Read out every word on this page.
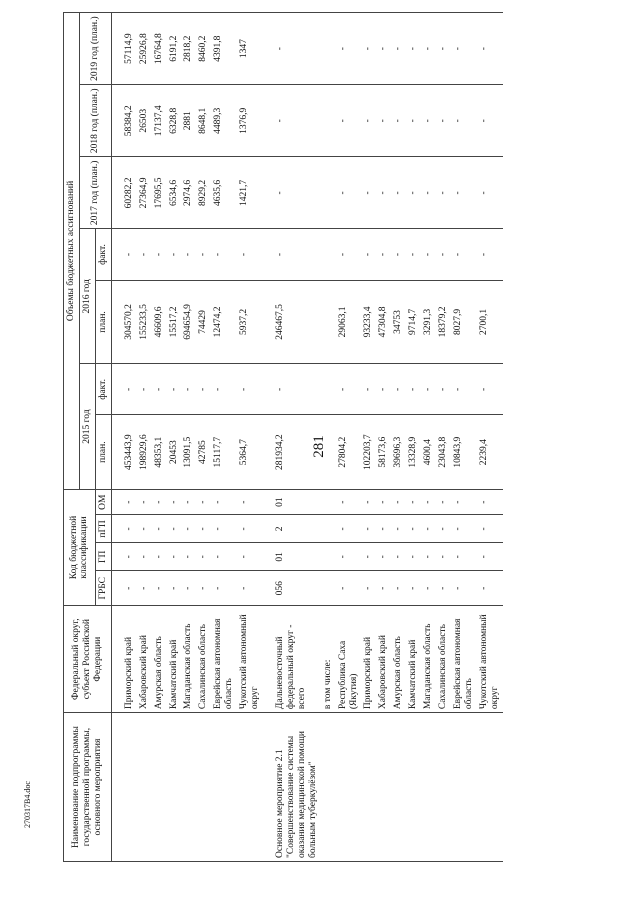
281
270317В4.doc	Наименование подпрограммы государственной программы, основного мероприятия	Федеральный округ, субъект Российской Федерации	Код бюджетной классификации				Объемы бюджетных ассигнований						
						2015 год		2016 год		2017 год (план.)	2018 год (план.)	2019 год (план.)
		ГРБС	ГП	пГП	ОМ	план.	факт.	план.	факт.			

	Приморский край	-	-	-	-	453443,9	-	304570,2	-	60282,2	58384,2	57114,9
	Хабаровский край	-	-	-	-	198929,6	-	155233,5	-	27364,9	26503	25926,8
	Амурская область	-	-	-	-	48353,1	-	46609,6	-	17695,5	17137,4	16764,8
	Камчатский край	-	-	-	-	20453	-	15517,2	-	6534,6	6328,8	6191,2
	Магаданская область	-	-	-	-	13091,5	-	694654,9	-	2974,6	2881	2818,2
	Сахалинская область	-	-	-	-	42785	-	74429	-	8929,2	8648,1	8460,2
	Еврейская автономная область	-	-	-	-	15117,7	-	12474,2	-	4635,6	4489,3	4391,8
	Чукотский автономный округ	-	-	-	-	5364,7	-	5937,2	-	1421,7	1376,9	1347

Основное мероприятие 2.1 "Совершенствование системы оказания медицинской помощи больным туберкулёзом"	Дальневосточный федеральный округ - всего	056	01	2	01	281934,2	-	246467,5	-	-	-	-
	в том числе:											
	Республика Саха (Якутия)	-	-	-	-	27804,2	-	29063,1	-	-	-	-
	Приморский край	-	-	-	-	102203,7	-	93233,4	-	-	-	-
	Хабаровский край	-	-	-	-	58173,6	-	47304,8	-	-	-	-
	Амурская область	-	-	-	-	39696,3	-	34753	-	-	-	-
	Камчатский край	-	-	-	-	13328,9	-	9714,7	-	-	-	-
	Магаданская область	-	-	-	-	4600,4	-	3291,3	-	-	-	-
	Сахалинская область	-	-	-	-	23043,8	-	18379,2	-	-	-	-
	Еврейская автономная область	-	-	-	-	10843,9	-	8027,9	-	-	-	-
	Чукотский автономный округ	-	-	-	-	2239,4	-	2700,1	-	-	-	-
